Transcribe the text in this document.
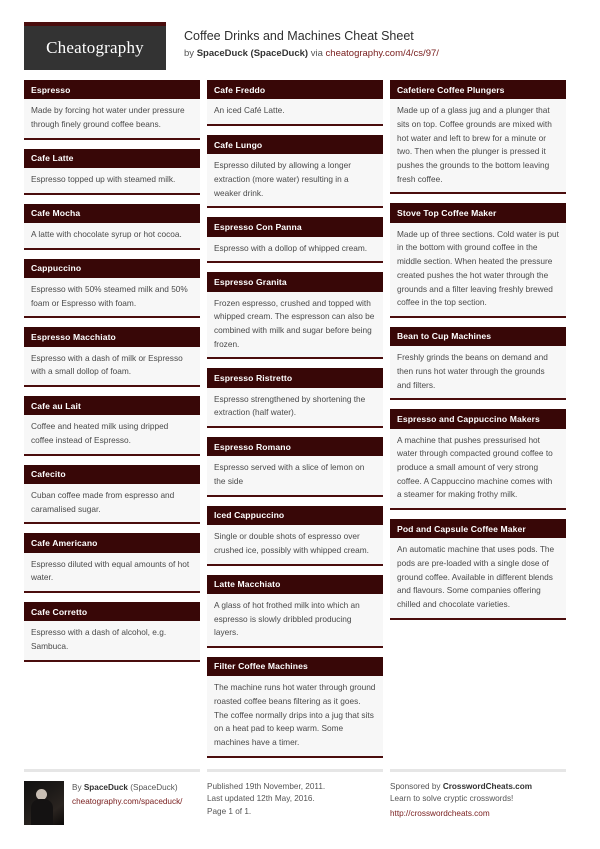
Cheatography
Coffee Drinks and Machines Cheat Sheet
by SpaceDuck (SpaceDuck) via cheatography.com/4/cs/97/
Espresso
Made by forcing hot water under pressure through finely ground coffee beans.
Cafe Latte
Espresso topped up with steamed milk.
Cafe Mocha
A latte with chocolate syrup or hot cocoa.
Cappuccino
Espresso with 50% steamed milk and 50% foam or Espresso with foam.
Espresso Macchiato
Espresso with a dash of milk or Espresso with a small dollop of foam.
Cafe au Lait
Coffee and heated milk using dripped coffee instead of Espresso.
Cafecito
Cuban coffee made from espresso and caramalised sugar.
Cafe Americano
Espresso diluted with equal amounts of hot water.
Cafe Corretto
Espresso with a dash of alcohol, e.g. Sambuca.
Cafe Freddo
An iced Café Latte.
Cafe Lungo
Espresso diluted by allowing a longer extraction (more water) resulting in a weaker drink.
Espresso Con Panna
Espresso with a dollop of whipped cream.
Espresso Granita
Frozen espresso, crushed and topped with whipped cream. The espresson can also be combined with milk and sugar before being frozen.
Espresso Ristretto
Espresso strengthened by shortening the extraction (half water).
Espresso Romano
Espresso served with a slice of lemon on the side
Iced Cappuccino
Single or double shots of espresso over crushed ice, possibly with whipped cream.
Latte Macchiato
A glass of hot frothed milk into which an espresso is slowly dribbled producing layers.
Filter Coffee Machines
The machine runs hot water through ground roasted coffee beans filtering as it goes. The coffee normally drips into a jug that sits on a heat pad to keep warm. Some machines have a timer.
Cafetiere Coffee Plungers
Made up of a glass jug and a plunger that sits on top. Coffee grounds are mixed with hot water and left to brew for a minute or two. Then when the plunger is pressed it pushes the grounds to the bottom leaving fresh coffee.
Stove Top Coffee Maker
Made up of three sections. Cold water is put in the bottom with ground coffee in the middle section. When heated the pressure created pushes the hot water through the grounds and a filter leaving freshly brewed coffee in the top section.
Bean to Cup Machines
Freshly grinds the beans on demand and then runs hot water through the grounds and filters.
Espresso and Cappuccino Makers
A machine that pushes pressurised hot water through compacted ground coffee to produce a small amount of very strong coffee. A Cappuccino machine comes with a steamer for making frothy milk.
Pod and Capsule Coffee Maker
An automatic machine that uses pods. The pods are pre-loaded with a single dose of ground coffee. Available in different blends and flavours. Some companies offering chilled and chocolate varieties.
By SpaceDuck (SpaceDuck)
cheatography.com/spaceduck/
Published 19th November, 2011.
Last updated 12th May, 2016.
Page 1 of 1.
Sponsored by CrosswordCheats.com
Learn to solve cryptic crosswords!
http://crosswordcheats.com
